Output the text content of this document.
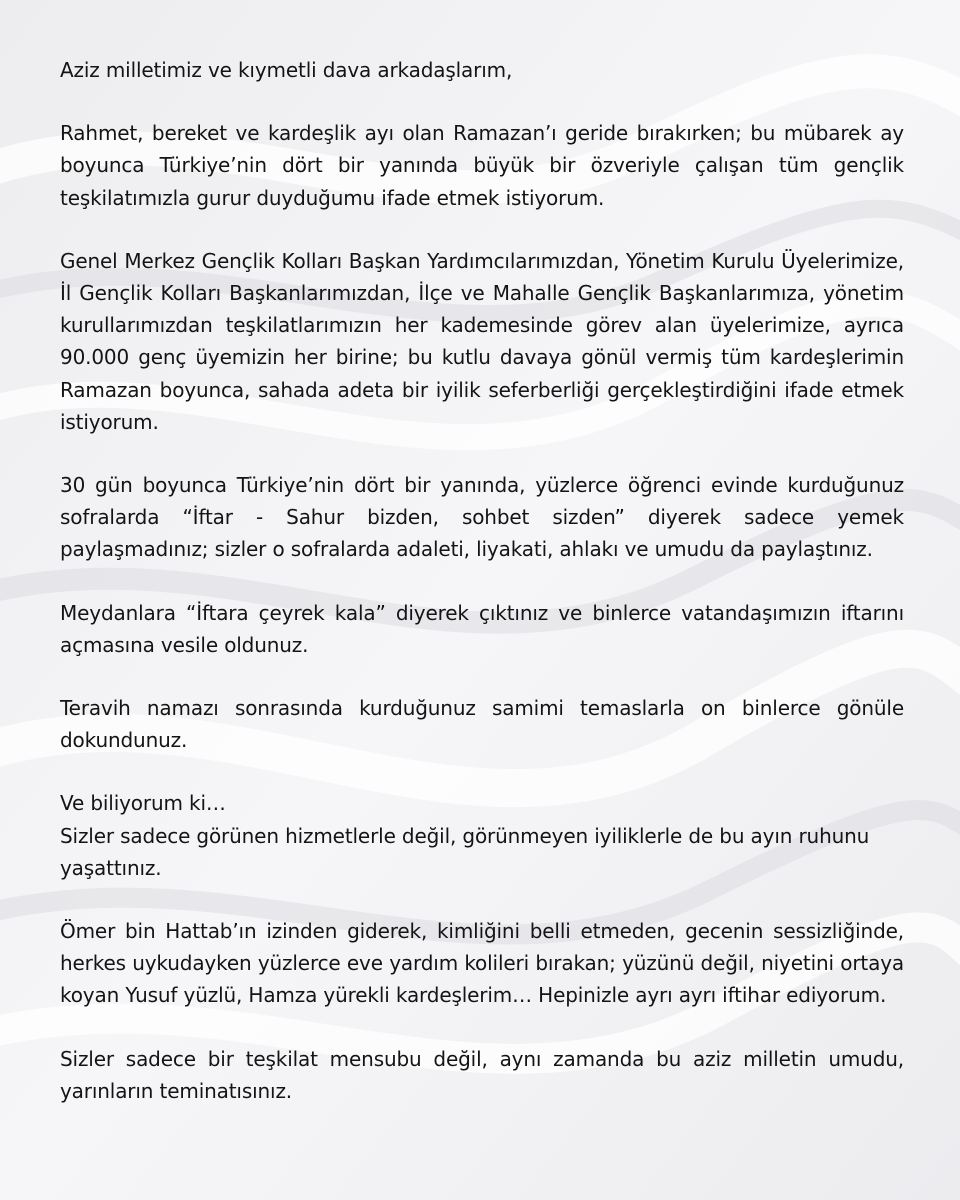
Aziz milletimiz ve kıymetli dava arkadaşlarım,

Rahmet, bereket ve kardeşlik ayı olan Ramazan’ı geride bırakırken; bu mübarek ay boyunca Türkiye’nin dört bir yanında büyük bir özveriyle çalışan tüm gençlik teşkilatımızla gurur duyduğumu ifade etmek istiyorum.

Genel Merkez Gençlik Kolları Başkan Yardımcılarımızdan, Yönetim Kurulu Üyelerimize, İl Gençlik Kolları Başkanlarımızdan, İlçe ve Mahalle Gençlik Başkanlarımıza, yönetim kurullarımızdan teşkilatlarımızın her kademesinde görev alan üyelerimize, ayrıca 90.000 genç üyemizin her birine; bu kutlu davaya gönül vermiş tüm kardeşlerimin Ramazan boyunca, sahada adeta bir iyilik seferberliği gerçekleştirdiğini ifade etmek istiyorum.

30 gün boyunca Türkiye’nin dört bir yanında, yüzlerce öğrenci evinde kurduğunuz sofralarda “İftar - Sahur bizden, sohbet sizden” diyerek sadece yemek paylaşmadınız; sizler o sofralarda adaleti, liyakati, ahlakı ve umudu da paylaştınız.

Meydanlara “İftara çeyrek kala” diyerek çıktınız ve binlerce vatandaşımızın iftarını açmasına vesile oldunuz.

Teravih namazı sonrasında kurduğunuz samimi temaslarla on binlerce gönüle dokundunuz.

Ve biliyorum ki…
Sizler sadece görünen hizmetlerle değil, görünmeyen iyiliklerle de bu ayın ruhunu yaşattınız.

Ömer bin Hattab’ın izinden giderek, kimliğini belli etmeden, gecenin sessizliğinde, herkes uykudayken yüzlerce eve yardım kolileri bırakan; yüzünü değil, niyetini ortaya koyan Yusuf yüzlü, Hamza yürekli kardeşlerim… Hepinizle ayrı ayrı iftihar ediyorum.

Sizler sadece bir teşkilat mensubu değil, aynı zamanda bu aziz milletin umudu, yarınların teminatısınız.
